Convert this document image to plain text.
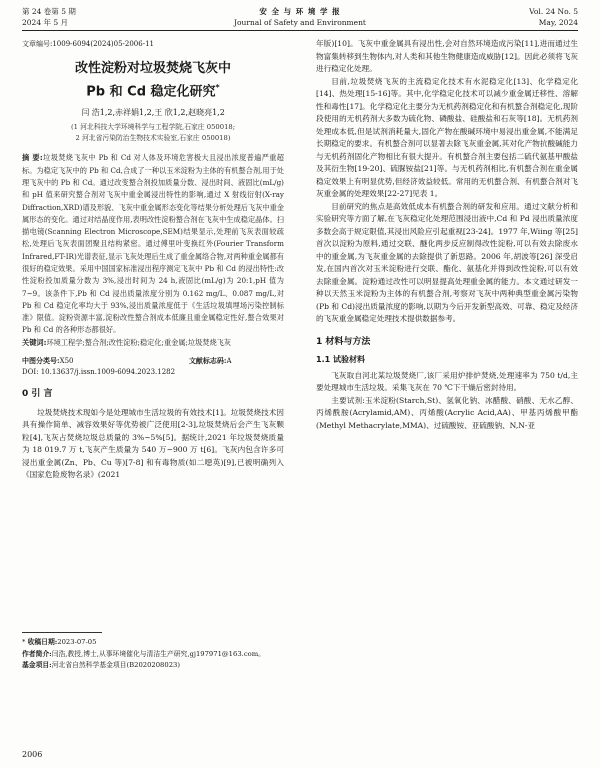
第 24 卷第 5 期
2024 年 5 月
安 全 与 环 境 学 报
Journal of Safety and Environment
Vol. 24 No. 5
May, 2024
文章编号:1009-6094(2024)05-2006-11
改性淀粉对垃圾焚烧飞灰中
Pb 和 Cd 稳定化研究*
闫 浩1,2,赤祥娟1,2,王 欣1,2,赵晓亮1,2
(1 河北科技大学环境科学与工程学院,石家庄 050018;
2 河北省污染防治生物技术实验室,石家庄 050018)
摘 要:垃圾焚烧飞灰中 Pb 和 Cd 对人体及环境危害极大且浸出浓度普遍严重超标。为稳定飞灰中的 Pb 和 Cd,合成了一种以玉米淀粉为主体的有机螯合剂,用于处理飞灰中的 Pb 和 Cd。通过改变螯合剂投加质量分数、浸出时间、液固比(mL/g)和 pH 值来研究螯合剂对飞灰中重金属浸出特性的影响,通过 X 射线衍射(X-ray Diffraction,XRD)谱及形貌、飞灰中重金属形态变化等结果分析处理后飞灰中重金属形态的变化。通过对结晶度作用,表明改性淀粉螯合剂在飞灰中生成稳定晶体。扫描电镜(Scanning Electron Microscope,SEM)结果显示,处理前飞灰表面较疏松,处理后飞灰表面团聚且结构紧密。通过傅里叶变换红外(Fourier Transform Infrared,FT-IR)光谱表征,显示飞灰处理后生成了重金属络合物,对两种重金属都有很好的稳定效果。采用中国国家标准浸出程序测定飞灰中 Pb 和 Cd 的浸出特性:改性淀粉投加质量分数为 3%,浸出时间为 24 h,液固比(mL/g)为 20:1,pH 值为 7~9。该条件下,Pb 和 Cd 浸出质量浓度分别为 0.162 mg/L、0.087 mg/L,对 Pb 和 Cd 稳定化率均大于 93%,浸出质量浓度低于《生活垃圾填埋场污染控制标准》限值。淀粉资源丰富,淀粉改性螯合剂成本低廉且重金属稳定性好,螯合效果对 Pb 和 Cd 的各种形态都很好。
关键词:环境工程学;螯合剂;改性淀粉;稳定化;重金属;垃圾焚烧飞灰
中图分类号:X50	文献标志码:A
DOI: 10.13637/j.issn.1009-6094.2023.1282
0 引 言

垃圾焚烧技术现如今是处理城市生活垃圾的有效技术[1]。垃圾焚烧技术因具有操作简单、减容效果好等优势被广泛使用[2-3],垃圾焚烧后会产生飞灰颗粒[4],飞灰占焚烧垃圾总质量的 3%~5%[5]。据统计,2021 年垃圾焚烧质量为 18 019.7 万 t,飞灰产生质量为 540 万~900 万 t[6]。飞灰内包含许多可浸出重金属(Zn、Pb、Cu 等)[7-8] 和有毒物质(如二噁英)[9],已被明确列入《国家危险废物名录》(2021

* 收稿日期:2023-07-05
作者简介:闫浩,教授,博士,从事环境催化与清洁生产研究,gj197971@163.com。
基金项目:河北省自然科学基金项目(B2020208023)
2006

年版)[10]。飞灰中重金属具有浸出性,会对自然环境造成污染[11],进而通过生物富集转移到生物体内,对人类和其他生物健康造成威胁[12]。因此必须将飞灰进行稳定化处理。

目前,垃圾焚烧飞灰的主流稳定化技术有水泥稳定化[13]、化学稳定化[14]、热处理[15-16]等。其中,化学稳定化技术可以减少重金属迁移性、溶解性和毒性[17]。化学稳定化主要分为无机药剂稳定化和有机螯合剂稳定化,现阶段使用的无机药剂大多数为硫化物、磷酸盐、硅酸盐和石灰等[18]。无机药剂处理成本低,但是试剂消耗量大,固化产物在酸碱环境中易浸出重金属,不能满足长期稳定的要求。有机螯合剂可以显著去除飞灰重金属,其对化产物抗酸碱能力与无机药剂固化产物相比有很大提升。有机螯合剂主要包括二硫代氨基甲酸盐及其衍生物[19-20]、硫脲铵盐[21]等。与无机药剂相比,有机螯合剂在重金属稳定效果上有明显优势,但经济效益较低。常用的无机螯合剂、有机螯合剂对飞灰重金属的处理效果[22-27]见表 1。

目前研究的焦点是高效低成本有机螯合剂的研发和应用。通过文献分析和实验研究等方面了解,在飞灰稳定化处理范围浸出液中,Cd 和 Pd 浸出质量浓度多数会高于规定限值,其浸出风险应引起重视[23-24]。1977 年,Wiing 等[25] 首次以淀粉为原料,通过交联、醚化两步反应制得改性淀粉,可以有效去除废水中的重金属,为飞灰重金属的去除提供了新思路。2006 年,胡波等[26] 深受启发,在国内首次对玉米淀粉进行交联、酯化、氨基化并得到改性淀粉,可以有效去除重金属。淀粉通过改性可以明显提高处理重金属的能力。本文通过研发一种以天然玉米淀粉为主体的有机螯合剂,考察对飞灰中两种典型重金属污染物(Pb 和 Cd)浸出质量浓度的影响,以期为今后开发新型高效、可靠、稳定及经济的飞灰重金属稳定处理技术提供数据参考。

1 材料与方法
1.1 试验材料

飞灰取自河北某垃圾焚烧厂,该厂采用炉排炉焚烧,处理速率为 750 t/d,主要处理城市生活垃圾。采集飞灰在 70 ℃下干燥后密封待用。

主要试剂:玉米淀粉(Starch,St)、氢氧化钠、冰醋酸、硝酸、无水乙醇、丙烯酰胺(Acrylamid,AM)、丙烯酸(Acrylic Acid,AA)、甲基丙烯酸甲酯(Methyl Methacrylate,MMA)、过硫酸铵、亚硫酸钠、N,N-亚
